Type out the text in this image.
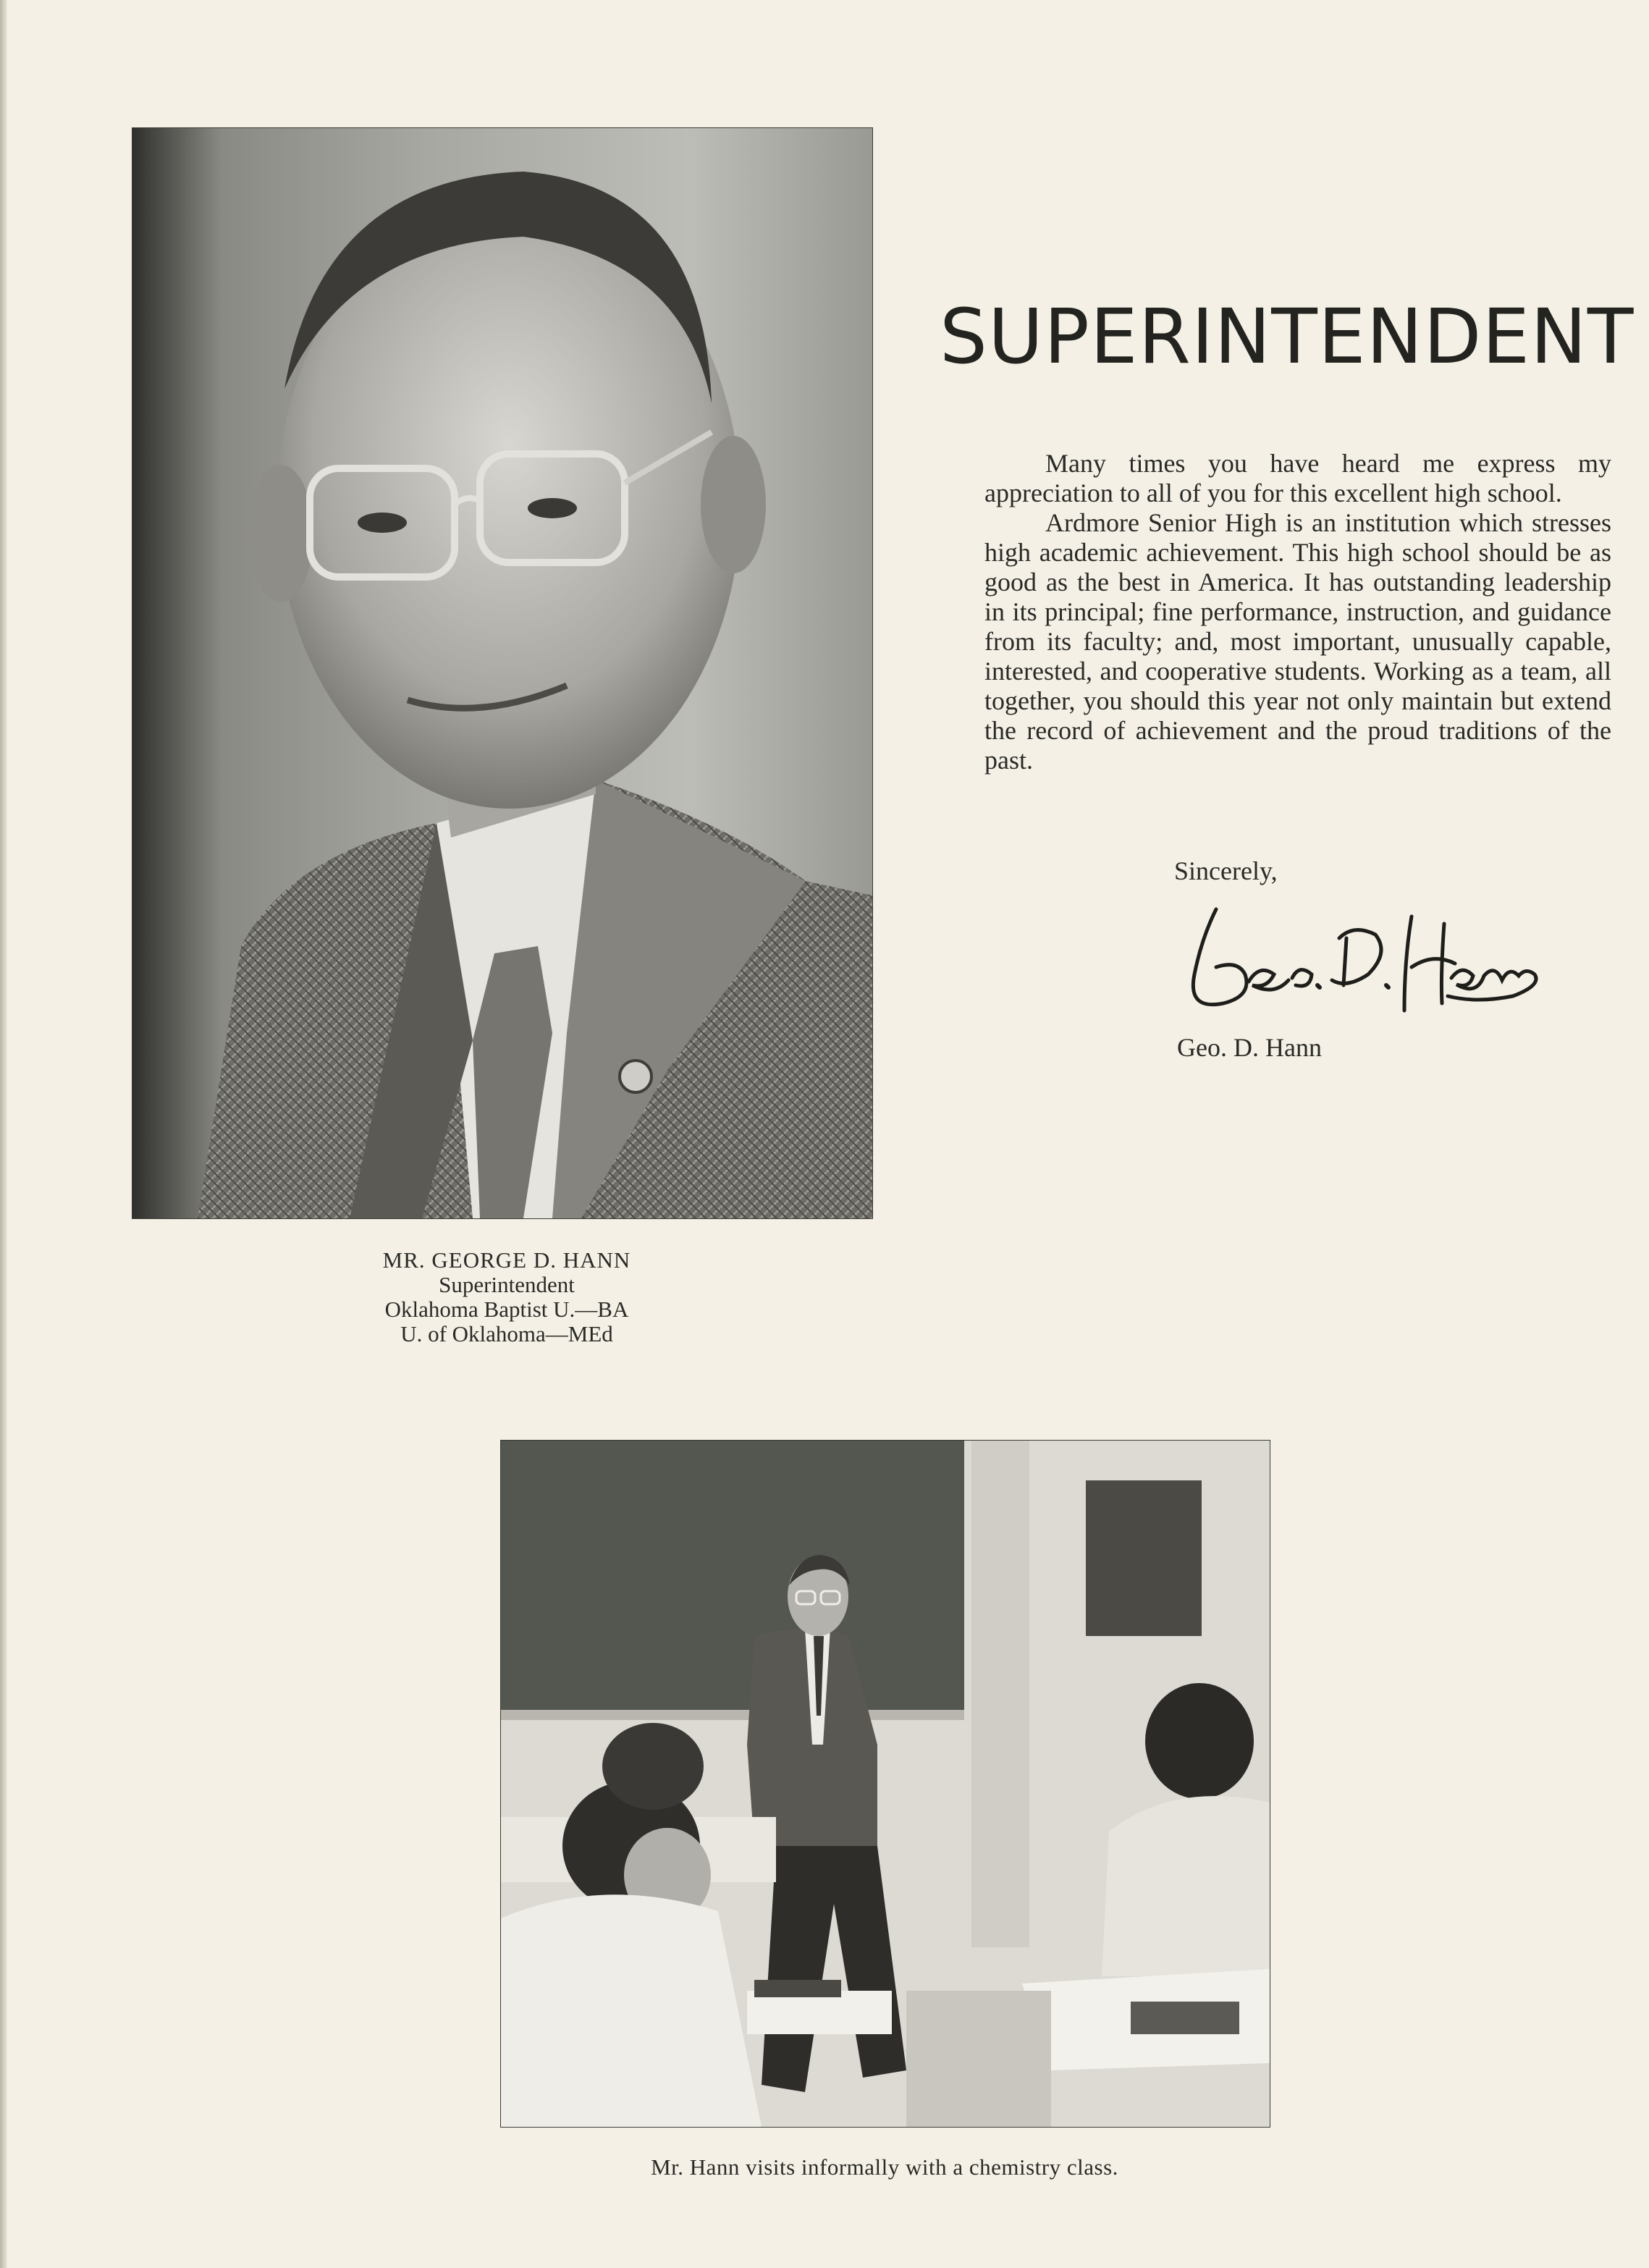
SUPERINTENDENT

Many times you have heard me express my appreciation to all of you for this excellent high school.

Ardmore Senior High is an institution which stresses high academic achievement. This high school should be as good as the best in America. It has outstanding leadership in its principal; fine performance, instruction, and guidance from its faculty; and, most important, unusually capable, interested, and cooperative students. Working as a team, all together, you should this year not only maintain but extend the record of achievement and the proud traditions of the past.

Sincerely,
Geo. D. Hann
MR. GEORGE D. HANN
Superintendent
Oklahoma Baptist U.—BA
U. of Oklahoma—MEd
Mr. Hann visits informally with a chemistry class.
